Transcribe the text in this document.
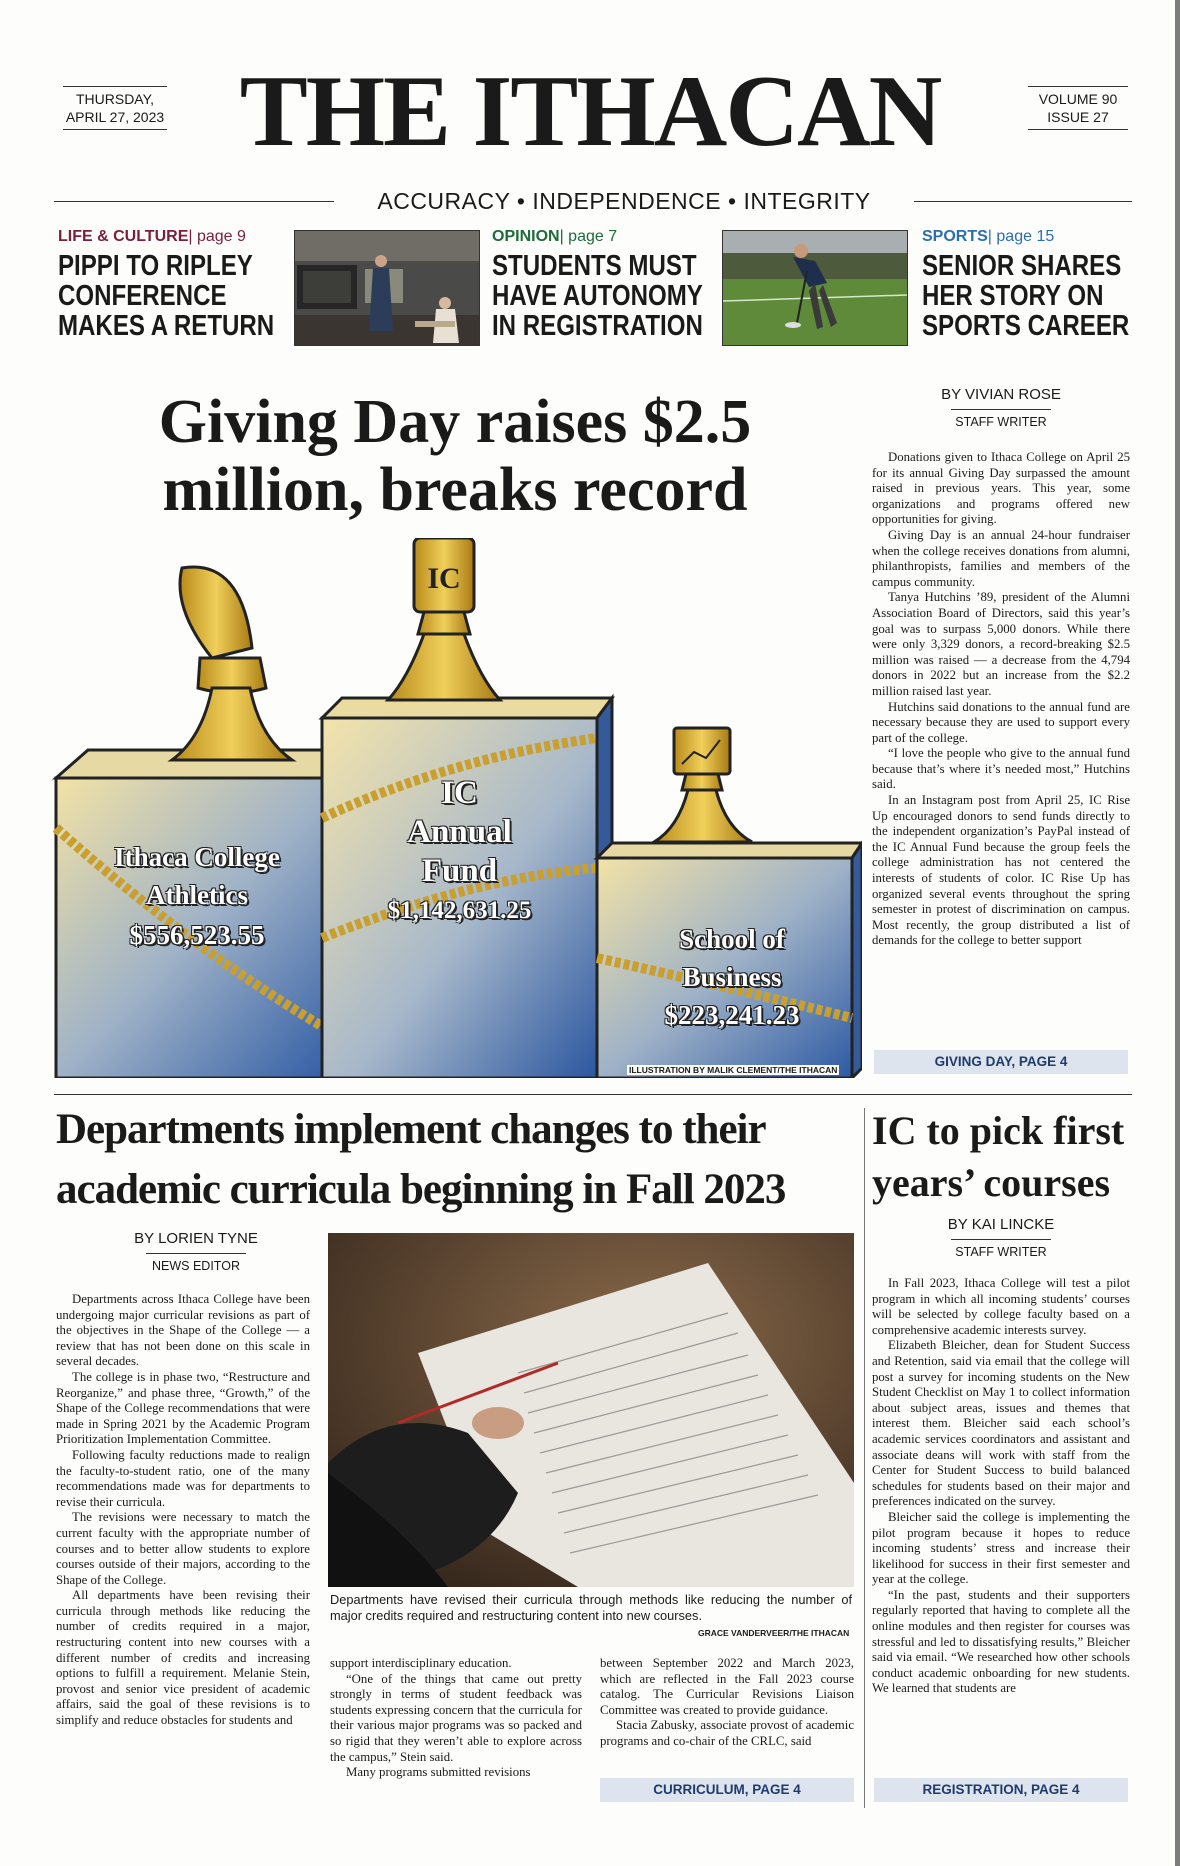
THURSDAY,
APRIL 27, 2023 THE ITHACAN	VOLUME 90
ISSUE 27
ACCURACY • INDEPENDENCE • INTEGRITY
LIFE & CULTURE| page 9
PIPPI TO RIPLEY
CONFERENCE
MAKES A RETURN
OPINION| page 7
STUDENTS MUST
HAVE AUTONOMY
IN REGISTRATION
SPORTS| page 15
SENIOR SHARES
HER STORY ON
SPORTS CAREER
Giving Day raises $2.5
million, breaks record
IC
Ithaca College
Athletics
$556,523.55
IC
Annual
Fund
$1,142,631.25
School of
Business
$223,241.23
ILLUSTRATION BY MALIK CLEMENT/THE ITHACAN
BY VIVIAN ROSE
STAFF WRITER

Donations given to Ithaca College on April 25 for its annual Giving Day surpassed the amount raised in previous years. This year, some organizations and programs offered new opportunities for giving.

Giving Day is an annual 24-hour fundraiser when the college receives donations from alumni, philanthropists, families and members of the campus community.

Tanya Hutchins ’89, president of the Alumni Association Board of Directors, said this year’s goal was to surpass 5,000 donors. While there were only 3,329 donors, a record-breaking $2.5 million was raised — a decrease from the 4,794 donors in 2022 but an increase from the $2.2 million raised last year.

Hutchins said donations to the annual fund are necessary because they are used to support every part of the college.

“I love the people who give to the annual fund because that’s where it’s needed most,” Hutchins said.

In an Instagram post from April 25, IC Rise Up encouraged donors to send funds directly to the independent organization’s PayPal instead of the IC Annual Fund because the group feels the college administration has not centered the interests of students of color. IC Rise Up has organized several events throughout the spring semester in protest of discrimination on campus. Most recently, the group distributed a list of demands for the college to better support

GIVING DAY, PAGE 4
Departments implement changes to their
academic curricula beginning in Fall 2023
BY LORIEN TYNE
NEWS EDITOR

Departments across Ithaca College have been undergoing major curricular revisions as part of the objectives in the Shape of the College — a review that has not been done on this scale in several decades.

The college is in phase two, “Restructure and Reorganize,” and phase three, “Growth,” of the Shape of the College recommendations that were made in Spring 2021 by the Academic Program Prioritization Implementation Committee.

Following faculty reductions made to realign the faculty-to-student ratio, one of the many recommendations made was for departments to revise their curricula.

The revisions were necessary to match the current faculty with the appropriate number of courses and to better allow students to explore courses outside of their majors, according to the Shape of the College.

All departments have been revising their curricula through methods like reducing the number of credits required in a major, restructuring content into new courses with a different number of credits and increasing options to fulfill a requirement. Melanie Stein, provost and senior vice president of academic affairs, said the goal of these revisions is to simplify and reduce obstacles for students and

Departments have revised their curricula through methods like reducing the number of major credits required and restructuring content into new courses.
GRACE VANDERVEER/THE ITHACAN

support interdisciplinary education.

“One of the things that came out pretty strongly in terms of student feedback was students expressing concern that the curricula for their various major programs was so packed and so rigid that they weren’t able to explore across the campus,” Stein said.

Many programs submitted revisions

between September 2022 and March 2023, which are reflected in the Fall 2023 course catalog. The Curricular Revisions Liaison Committee was created to provide guidance.

Stacia Zabusky, associate provost of academic programs and co-chair of the CRLC, said

CURRICULUM, PAGE 4
IC to pick first
years’ courses
BY KAI LINCKE
STAFF WRITER

In Fall 2023, Ithaca College will test a pilot program in which all incoming students’ courses will be selected by college faculty based on a comprehensive academic interests survey.

Elizabeth Bleicher, dean for Student Success and Retention, said via email that the college will post a survey for incoming students on the New Student Checklist on May 1 to collect information about subject areas, issues and themes that interest them. Bleicher said each school’s academic services coordinators and assistant and associate deans will work with staff from the Center for Student Success to build balanced schedules for students based on their major and preferences indicated on the survey.

Bleicher said the college is implementing the pilot program because it hopes to reduce incoming students’ stress and increase their likelihood for success in their first semester and year at the college.

“In the past, students and their supporters regularly reported that having to complete all the online modules and then register for courses was stressful and led to dissatisfying results,” Bleicher said via email. “We researched how other schools conduct academic onboarding for new students. We learned that students are

REGISTRATION, PAGE 4
